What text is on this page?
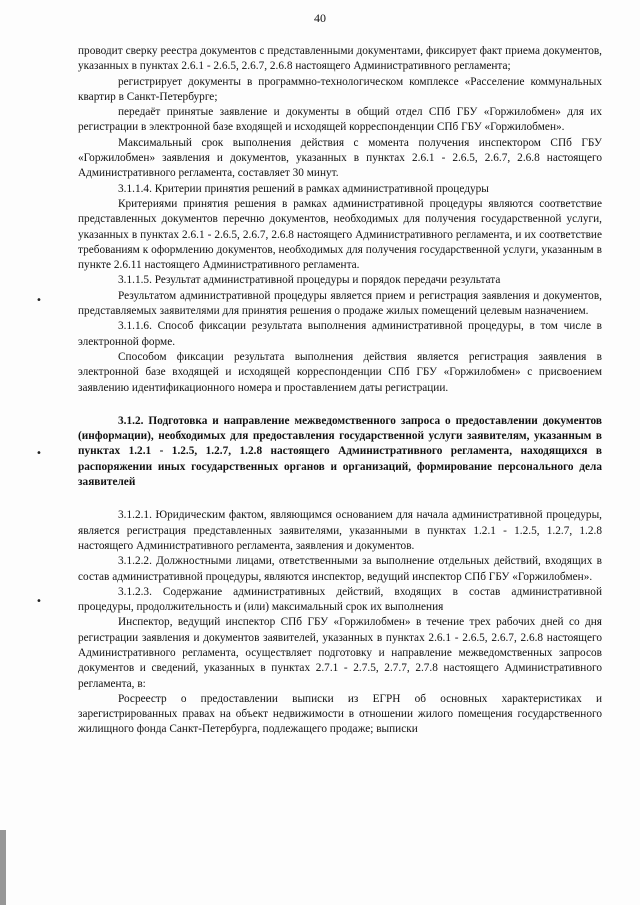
40
•
•
•

проводит сверку реестра документов с представленными документами, фиксирует факт приема документов, указанных в пунктах 2.6.1 - 2.6.5, 2.6.7, 2.6.8 настоящего Административного регламента;

регистрирует документы в программно-технологическом комплексе «Расселение коммунальных квартир в Санкт-Петербурге;

передаёт принятые заявление и документы в общий отдел СПб ГБУ «Горжилобмен» для их регистрации в электронной базе входящей и исходящей корреспонденции СПб ГБУ «Горжилобмен».

Максимальный срок выполнения действия с момента получения инспектором СПб ГБУ «Горжилобмен» заявления и документов, указанных в пунктах 2.6.1 - 2.6.5, 2.6.7, 2.6.8 настоящего Административного регламента, составляет 30 минут.

3.1.1.4. Критерии принятия решений в рамках административной процедуры

Критериями принятия решения в рамках административной процедуры являются соответствие представленных документов перечню документов, необходимых для получения государственной услуги, указанных в пунктах 2.6.1 - 2.6.5, 2.6.7, 2.6.8 настоящего Административного регламента, и их соответствие требованиям к оформлению документов, необходимых для получения государственной услуги, указанным в пункте 2.6.11 настоящего Административного регламента.

3.1.1.5. Результат административной процедуры и порядок передачи результата

Результатом административной процедуры является прием и регистрация заявления и документов, представляемых заявителями для принятия решения о продаже жилых помещений целевым назначением.

3.1.1.6. Способ фиксации результата выполнения административной процедуры, в том числе в электронной форме.

Способом фиксации результата выполнения действия является регистрация заявления в электронной базе входящей и исходящей корреспонденции СПб ГБУ «Горжилобмен» с присвоением заявлению идентификационного номера и проставлением даты регистрации.

3.1.2. Подготовка и направление межведомственного запроса о предоставлении документов (информации), необходимых для предоставления государственной услуги заявителям, указанным в пунктах 1.2.1 - 1.2.5, 1.2.7, 1.2.8 настоящего Административного регламента, находящихся в распоряжении иных государственных органов и организаций, формирование персонального дела заявителей

3.1.2.1. Юридическим фактом, являющимся основанием для начала административной процедуры, является регистрация представленных заявителями, указанными в пунктах 1.2.1 - 1.2.5, 1.2.7, 1.2.8 настоящего Административного регламента, заявления и документов.

3.1.2.2. Должностными лицами, ответственными за выполнение отдельных действий, входящих в состав административной процедуры, являются инспектор, ведущий инспектор СПб ГБУ «Горжилобмен».

3.1.2.3. Содержание административных действий, входящих в состав административной процедуры, продолжительность и (или) максимальный срок их выполнения

Инспектор, ведущий инспектор СПб ГБУ «Горжилобмен» в течение трех рабочих дней со дня регистрации заявления и документов заявителей, указанных в пунктах 2.6.1 - 2.6.5, 2.6.7, 2.6.8 настоящего Административного регламента, осуществляет подготовку и направление межведомственных запросов документов и сведений, указанных в пунктах 2.7.1 - 2.7.5, 2.7.7, 2.7.8 настоящего Административного регламента, в:

Росреестр о предоставлении выписки из ЕГРН об основных характеристиках и зарегистрированных правах на объект недвижимости в отношении жилого помещения государственного жилищного фонда Санкт-Петербурга, подлежащего продаже; выписки
